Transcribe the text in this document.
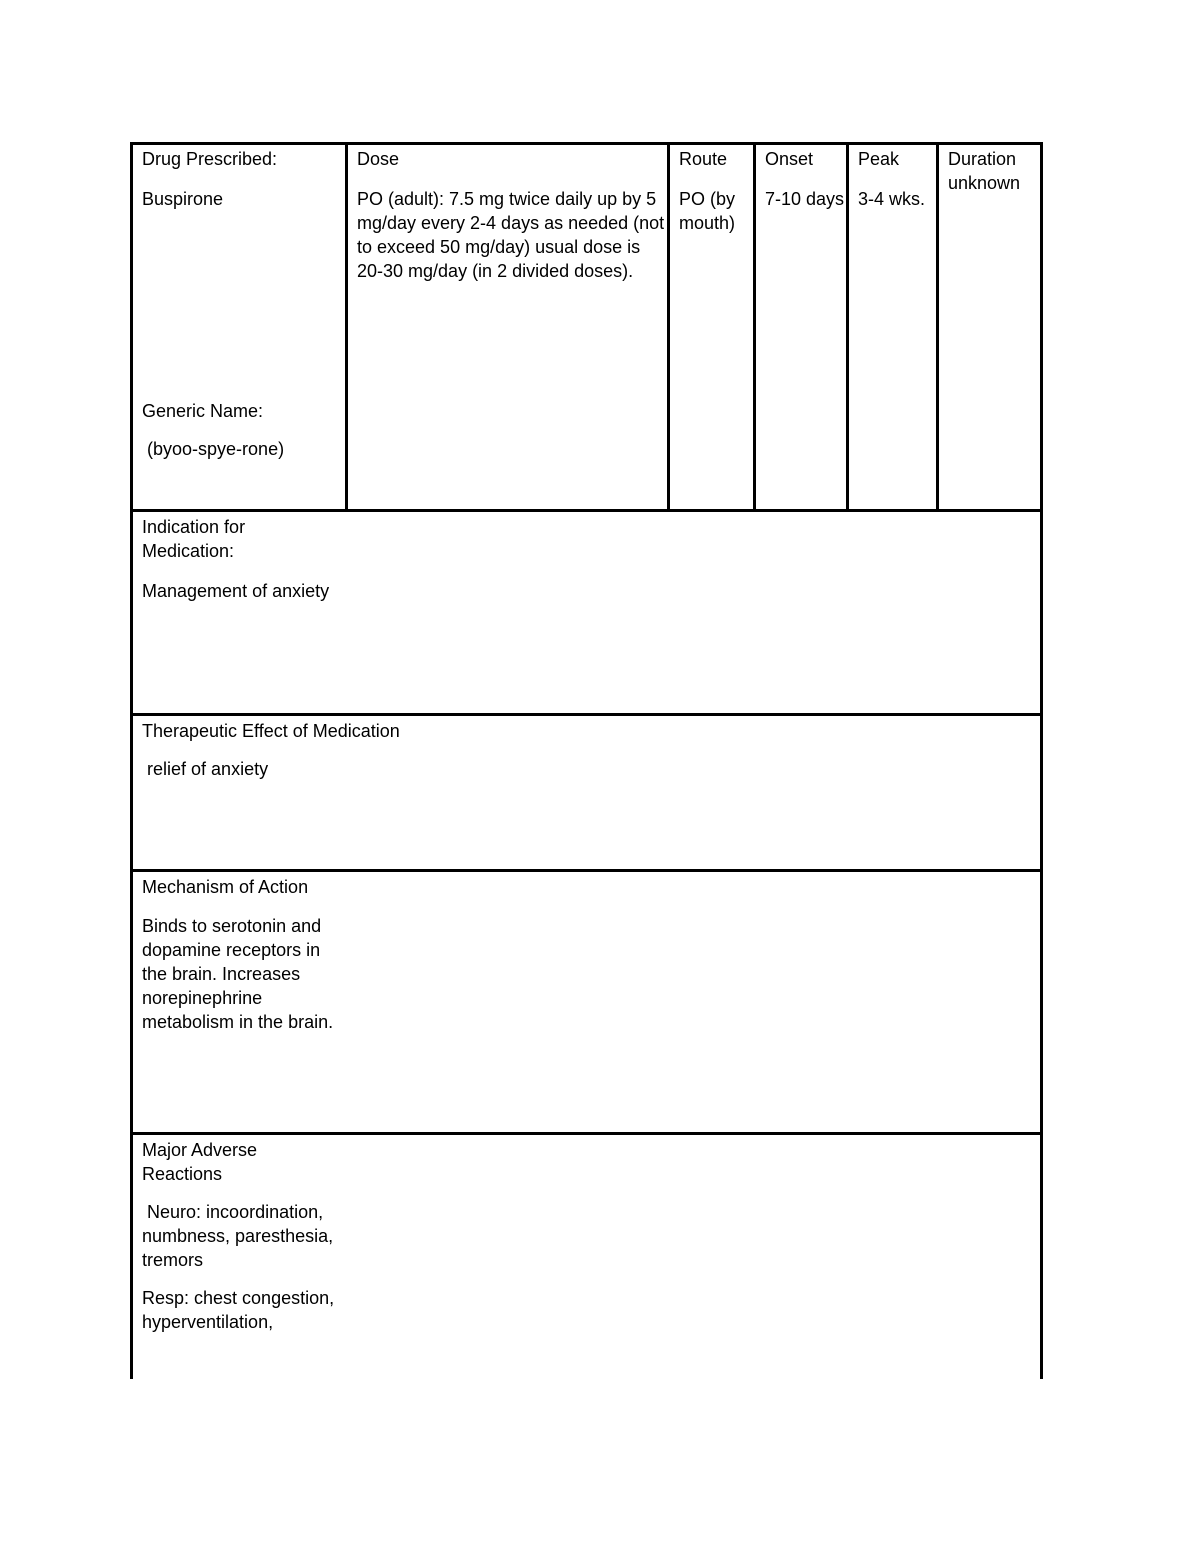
Drug Prescribed:
Buspirone
Generic Name:
(byoo-spye-rone)
Dose
PO (adult): 7.5 mg twice daily up by 5 mg/day every 2-4 days as needed (not to exceed 50 mg/day) usual dose is 20-30 mg/day (in 2 divided doses).
Route
PO (by mouth)
Onset
7-10 days
Peak
3-4 wks.
Duration unknown
Indication for Medication:
Management of anxiety
Therapeutic Effect of Medication
relief of anxiety
Mechanism of Action
Binds to serotonin and dopamine receptors in the brain. Increases norepinephrine metabolism in the brain.
Major Adverse Reactions
Neuro: incoordination, numbness, paresthesia, tremors
Resp: chest congestion, hyperventilation,
